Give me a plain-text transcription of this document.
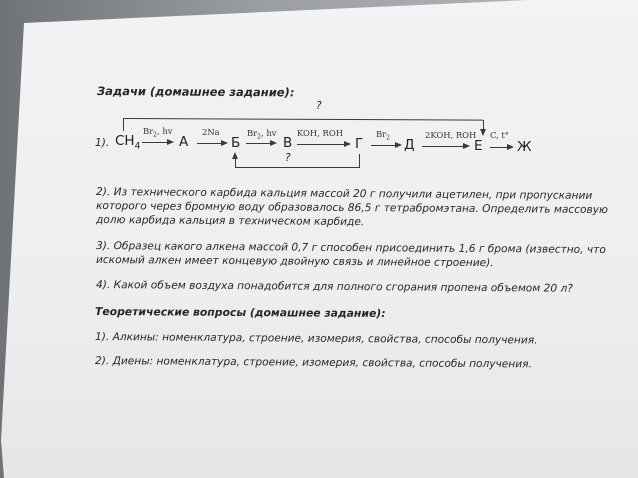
Задачи (домашнее задание):
1). $CH_4$
$Br_2$, hv
А
2Na
Б
$Br_2$, hv
В
KOH, ROH
Г
$Br_2$ Д
2KOH, ROH
Е
C, t°
Ж
?
?
2). Из технического карбида кальция массой 20 г получили ацетилен, при пропускании
которого через бромную воду образовалось 86,5 г тетрабромэтана. Определить массовую
долю карбида кальция в техническом карбиде.
3). Образец какого алкена массой 0,7 г способен присоединить 1,6 г брома (известно, что
искомый алкен имеет концевую двойную связь и линейное строение).
4). Какой объем воздуха понадобится для полного сгорания пропена объемом 20 л?
Теоретические вопросы (домашнее задание):
1). Алкины: номенклатура, строение, изомерия, свойства, способы получения.
2). Диены: номенклатура, строение, изомерия, свойства, способы получения.
